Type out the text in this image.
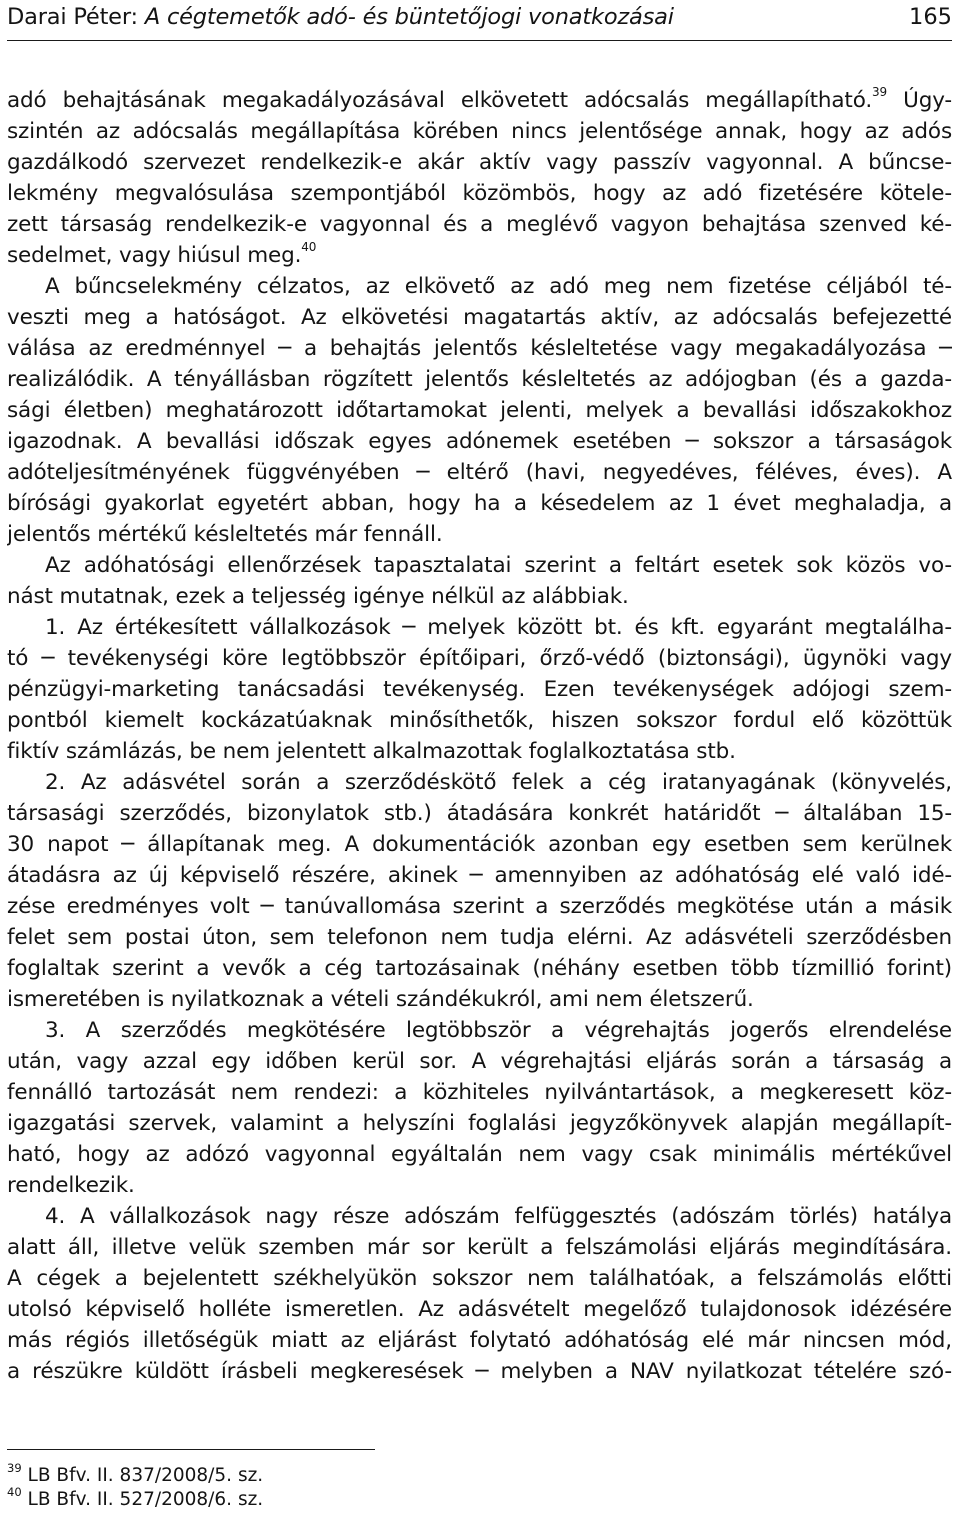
Darai Péter: A cégtemetők adó- és büntetőjogi vonatkozásai	165
adó behajtásának megakadályozásával elkövetett adócsalás megállapítható.$^{39}$ Úgy-
szintén az adócsalás megállapítása körében nincs jelentősége annak, hogy az adós
gazdálkodó szervezet rendelkezik-e akár aktív vagy passzív vagyonnal. A bűncse-
lekmény megvalósulása szempontjából közömbös, hogy az adó fizetésére kötele-
zett társaság rendelkezik-e vagyonnal és a meglévő vagyon behajtása szenved ké-
sedelmet, vagy hiúsul meg.$^{40}$
A bűncselekmény célzatos, az elkövető az adó meg nem fizetése céljából té-
veszti meg a hatóságot. Az elkövetési magatartás aktív, az adócsalás befejezetté
válása az eredménnyel ─ a behajtás jelentős késleltetése vagy megakadályozása ─
realizálódik. A tényállásban rögzített jelentős késleltetés az adójogban (és a gazda-
sági életben) meghatározott időtartamokat jelenti, melyek a bevallási időszakokhoz
igazodnak. A bevallási időszak egyes adónemek esetében ─ sokszor a társaságok
adóteljesítményének függvényében ─ eltérő (havi, negyedéves, féléves, éves). A
bírósági gyakorlat egyetért abban, hogy ha a késedelem az 1 évet meghaladja, a
jelentős mértékű késleltetés már fennáll.
Az adóhatósági ellenőrzések tapasztalatai szerint a feltárt esetek sok közös vo-
nást mutatnak, ezek a teljesség igénye nélkül az alábbiak.
1. Az értékesített vállalkozások ─ melyek között bt. és kft. egyaránt megtalálha-
tó ─ tevékenységi köre legtöbbször építőipari, őrző-védő (biztonsági), ügynöki vagy
pénzügyi-marketing tanácsadási tevékenység. Ezen tevékenységek adójogi szem-
pontból kiemelt kockázatúaknak minősíthetők, hiszen sokszor fordul elő közöttük
fiktív számlázás, be nem jelentett alkalmazottak foglalkoztatása stb.
2. Az adásvétel során a szerződéskötő felek a cég iratanyagának (könyvelés,
társasági szerződés, bizonylatok stb.) átadására konkrét határidőt ─ általában 15-
30 napot ─ állapítanak meg. A dokumentációk azonban egy esetben sem kerülnek
átadásra az új képviselő részére, akinek ─ amennyiben az adóhatóság elé való idé-
zése eredményes volt ─ tanúvallomása szerint a szerződés megkötése után a másik
felet sem postai úton, sem telefonon nem tudja elérni. Az adásvételi szerződésben
foglaltak szerint a vevők a cég tartozásainak (néhány esetben több tízmillió forint)
ismeretében is nyilatkoznak a vételi szándékukról, ami nem életszerű.
3. A szerződés megkötésére legtöbbször a végrehajtás jogerős elrendelése
után, vagy azzal egy időben kerül sor. A végrehajtási eljárás során a társaság a
fennálló tartozását nem rendezi: a közhiteles nyilvántartások, a megkeresett köz-
igazgatási szervek, valamint a helyszíni foglalási jegyzőkönyvek alapján megállapít-
ható, hogy az adózó vagyonnal egyáltalán nem vagy csak minimális mértékűvel
rendelkezik.
4. A vállalkozások nagy része adószám felfüggesztés (adószám törlés) hatálya
alatt áll, illetve velük szemben már sor került a felszámolási eljárás megindítására.
A cégek a bejelentett székhelyükön sokszor nem találhatóak, a felszámolás előtti
utolsó képviselő holléte ismeretlen. Az adásvételt megelőző tulajdonosok idézésére
más régiós illetőségük miatt az eljárást folytató adóhatóság elé már nincsen mód,
a részükre küldött írásbeli megkeresések ─ melyben a NAV nyilatkozat tételére szó-
$^{39}$ LB Bfv. II. 837/2008/5. sz.
$^{40}$ LB Bfv. II. 527/2008/6. sz.
